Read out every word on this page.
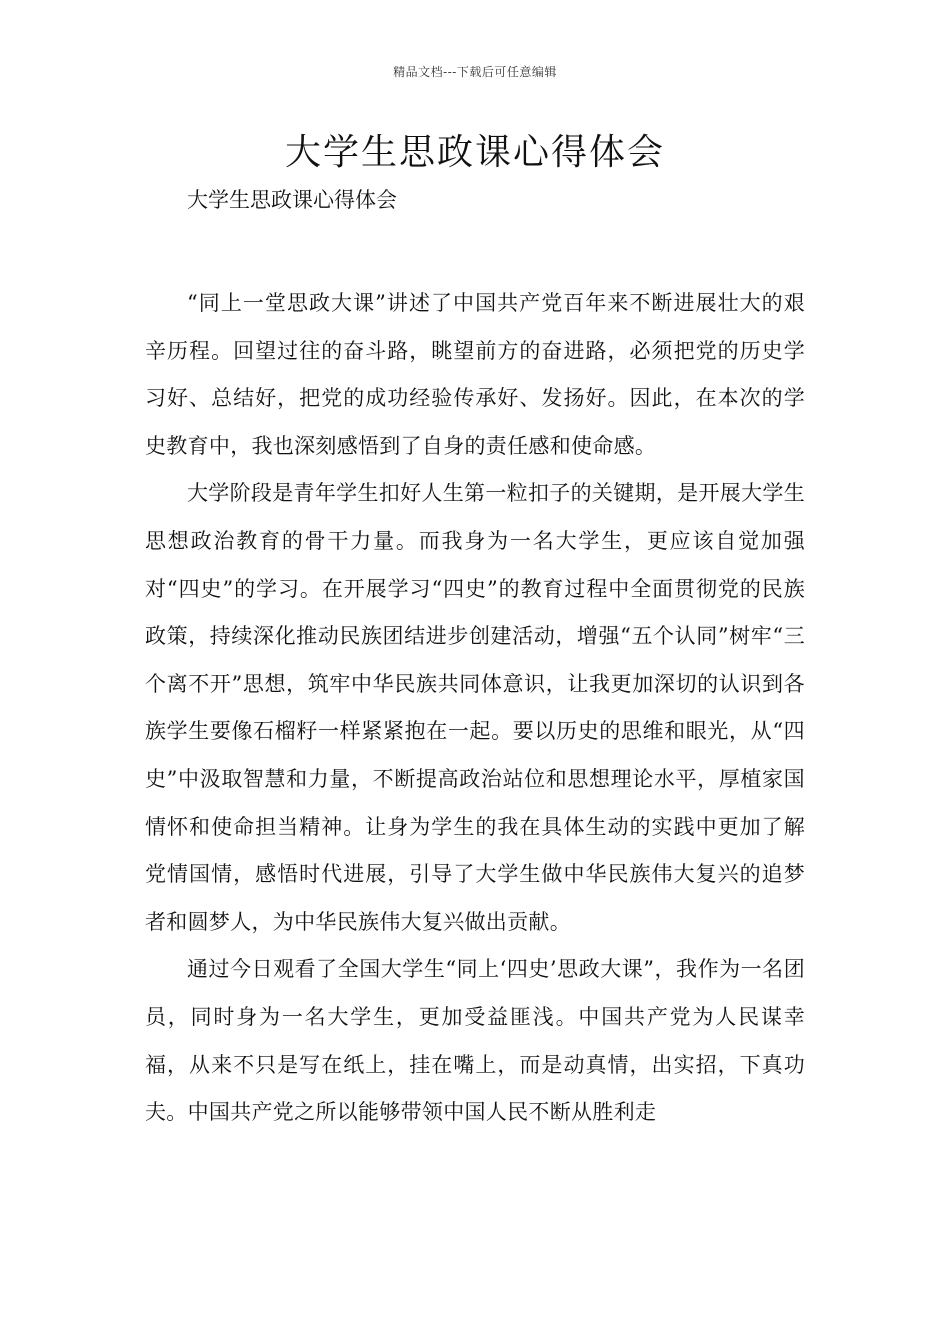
精品文档---下载后可任意编辑
大学生思政课心得体会

大学生思政课心得体会

“同上一堂思政大课”讲述了中国共产党百年来不断进展壮大的艰辛历程。回望过往的奋斗路，眺望前方的奋进路，必须把党的历史学习好、总结好，把党的成功经验传承好、发扬好。因此，在本次的学史教育中，我也深刻感悟到了自身的责任感和使命感。

大学阶段是青年学生扣好人生第一粒扣子的关键期，是开展大学生思想政治教育的骨干力量。而我身为一名大学生，更应该自觉加强对“四史”的学习。在开展学习“四史”的教育过程中全面贯彻党的民族政策，持续深化推动民族团结进步创建活动，增强“五个认同”树牢“三个离不开”思想，筑牢中华民族共同体意识，让我更加深切的认识到各族学生要像石榴籽一样紧紧抱在一起。要以历史的思维和眼光，从“四史”中汲取智慧和力量，不断提高政治站位和思想理论水平，厚植家国情怀和使命担当精神。让身为学生的我在具体生动的实践中更加了解党情国情，感悟时代进展，引导了大学生做中华民族伟大复兴的追梦者和圆梦人，为中华民族伟大复兴做出贡献。

通过今日观看了全国大学生“同上‘四史’思政大课”，我作为一名团员，同时身为一名大学生，更加受益匪浅。中国共产党为人民谋幸福，从来不只是写在纸上，挂在嘴上，而是动真情，出实招，下真功夫。中国共产党之所以能够带领中国人民不断从胜利走
